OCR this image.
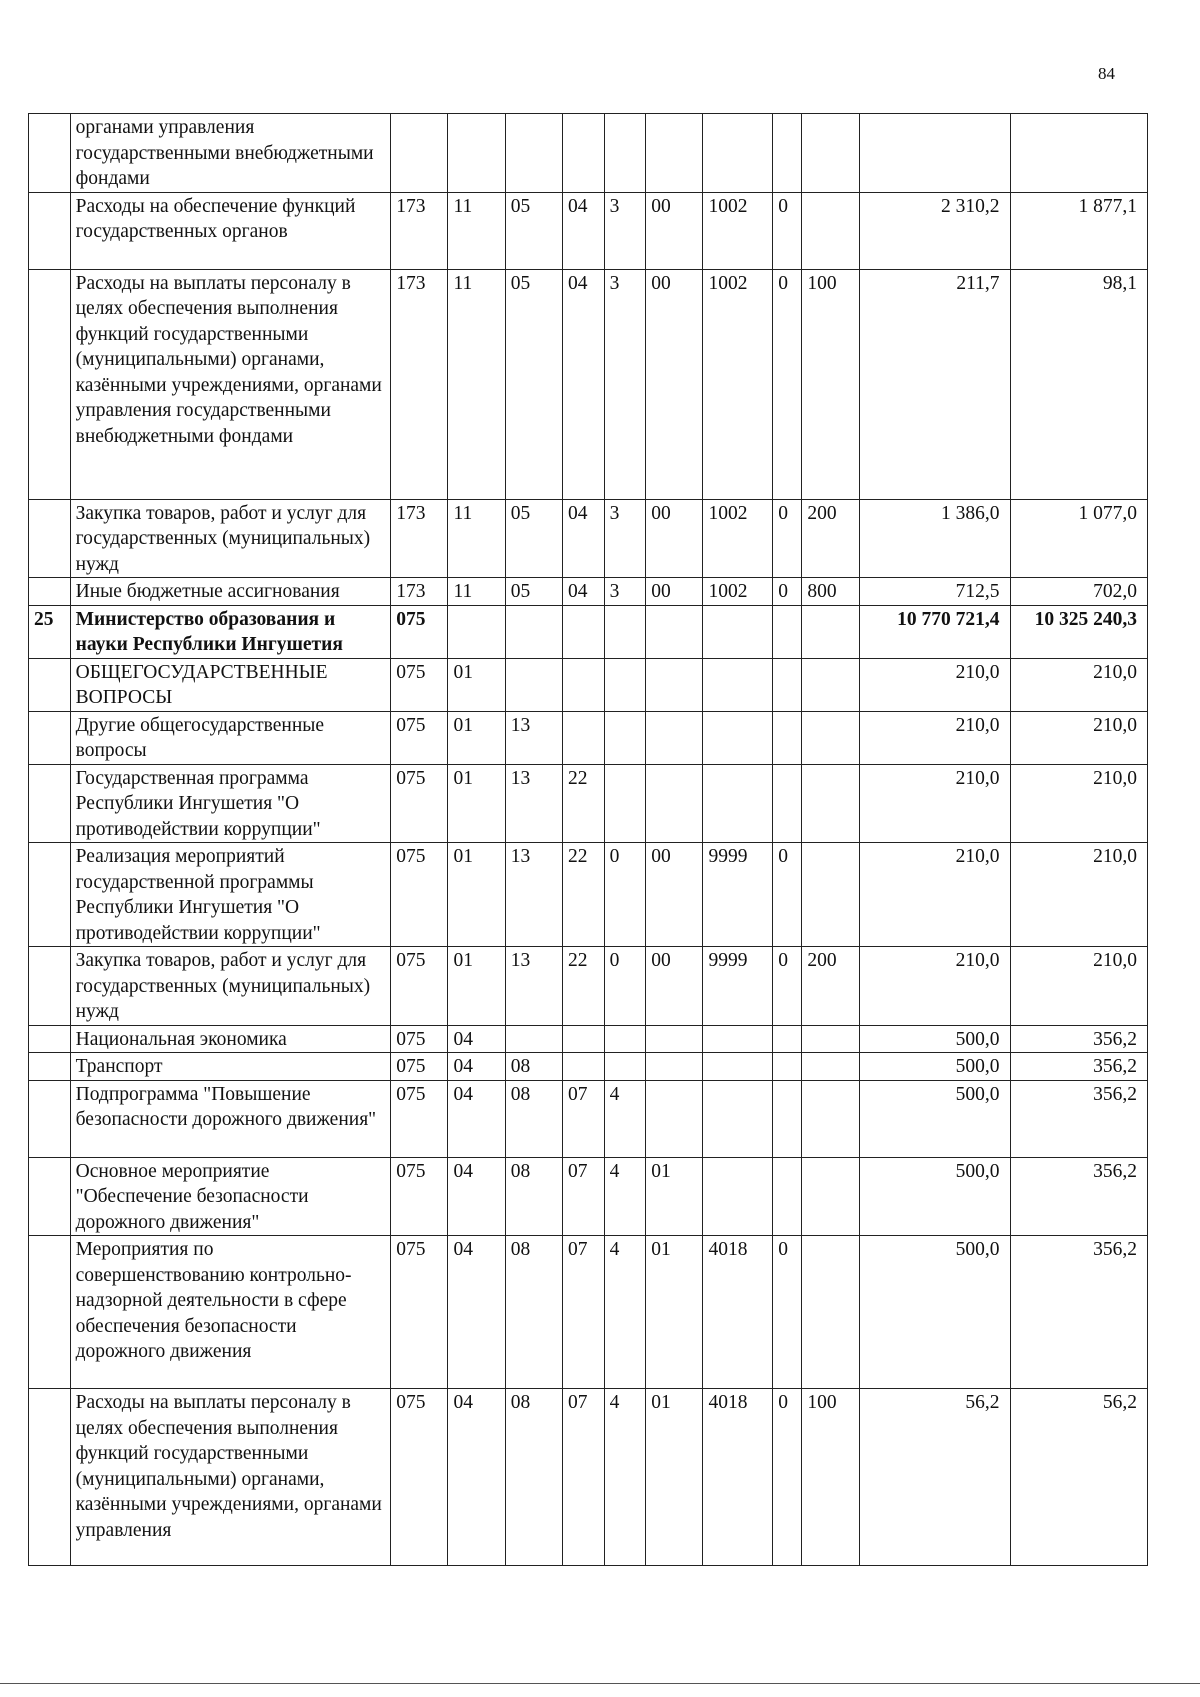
84
	органами управления государственными внебюджетными фондами											
	Расходы на обеспечение функций государственных органов	173	11	05	04	3	00	1002	0		2 310,2	1 877,1
	Расходы на выплаты персоналу в целях обеспечения выполнения функций государственными (муниципальными) органами, казёнными учреждениями, органами управления государственными внебюджетными фондами	173	11	05	04	3	00	1002	0	100	211,7	98,1
	Закупка товаров, работ и услуг для государственных (муниципальных) нужд	173	11	05	04	3	00	1002	0	200	1 386,0	1 077,0
	Иные бюджетные ассигнования	173	11	05	04	3	00	1002	0	800	712,5	702,0
25	Министерство образования и науки Республики Ингушетия	075									10 770 721,4	10 325 240,3
	ОБЩЕГОСУДАРСТВЕННЫЕ ВОПРОСЫ	075	01								210,0	210,0
	Другие общегосударственные вопросы	075	01	13							210,0	210,0
	Государственная программа Республики Ингушетия "О противодействии коррупции"	075	01	13	22						210,0	210,0
	Реализация мероприятий государственной программы Республики Ингушетия "О противодействии коррупции"	075	01	13	22	0	00	9999	0		210,0	210,0
	Закупка товаров, работ и услуг для государственных (муниципальных) нужд	075	01	13	22	0	00	9999	0	200	210,0	210,0
	Национальная экономика	075	04								500,0	356,2
	Транспорт	075	04	08							500,0	356,2
	Подпрограмма "Повышение безопасности дорожного движения"	075	04	08	07	4					500,0	356,2
	Основное мероприятие "Обеспечение безопасности дорожного движения"	075	04	08	07	4	01				500,0	356,2
	Мероприятия по совершенствованию контрольно-надзорной деятельности в сфере обеспечения безопасности дорожного движения	075	04	08	07	4	01	4018	0		500,0	356,2
	Расходы на выплаты персоналу в целях обеспечения выполнения функций государственными (муниципальными) органами, казёнными учреждениями, органами управления	075	04	08	07	4	01	4018	0	100	56,2	56,2
